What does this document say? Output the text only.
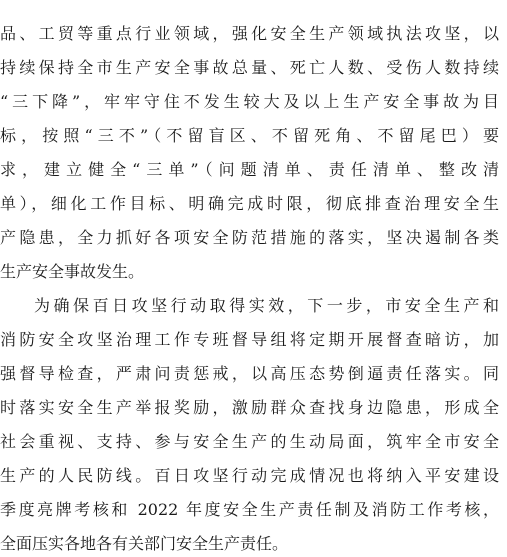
品、工贸等重点行业领域，强化安全生产领域执法攻坚，以
持续保持全市生产安全事故总量、死亡人数、受伤人数持续
“三下降”，牢牢守住不发生较大及以上生产安全事故为目
标，按照“三不”（不留盲区、不留死角、不留尾巴）要
求，建立健全“三单”（问题清单、责任清单、整改清
单），细化工作目标、明确完成时限，彻底排查治理安全生
产隐患，全力抓好各项安全防范措施的落实，坚决遏制各类
生产安全事故发生。
为确保百日攻坚行动取得实效，下一步，市安全生产和
消防安全攻坚治理工作专班督导组将定期开展督查暗访，加
强督导检查，严肃问责惩戒，以高压态势倒逼责任落实。同
时落实安全生产举报奖励，激励群众查找身边隐患，形成全
社会重视、支持、参与安全生产的生动局面，筑牢全市安全
生产的人民防线。百日攻坚行动完成情况也将纳入平安建设
季度亮牌考核和 2022 年度安全生产责任制及消防工作考核，
全面压实各地各有关部门安全生产责任。
